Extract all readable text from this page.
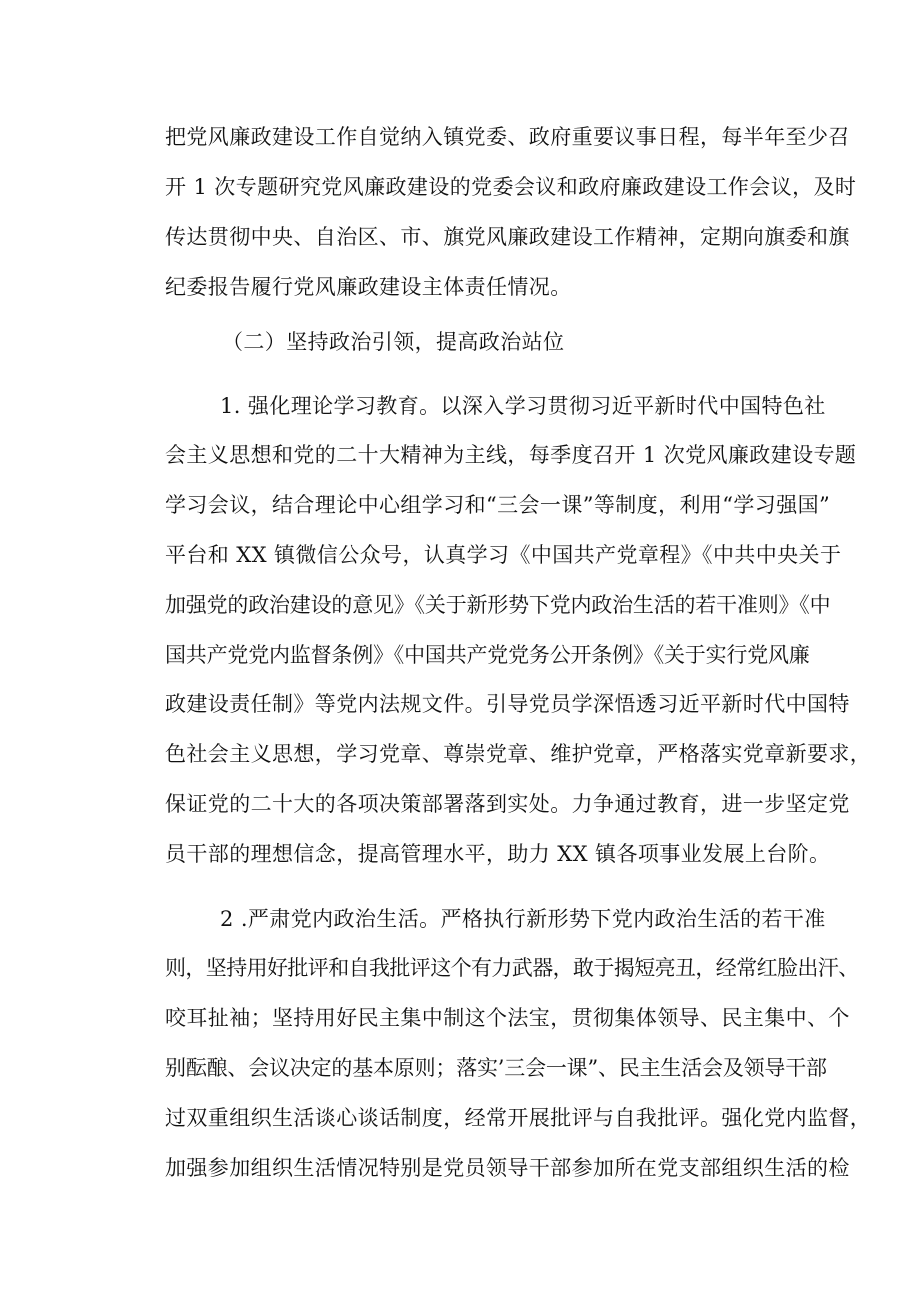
把党风廉政建设工作自觉纳入镇党委、政府重要议事日程，每半年至少召
开 1 次专题研究党风廉政建设的党委会议和政府廉政建设工作会议，及时
传达贯彻中央、自治区、市、旗党风廉政建设工作精神，定期向旗委和旗
纪委报告履行党风廉政建设主体责任情况。
（二）坚持政治引领，提高政治站位
1. 强化理论学习教育。以深入学习贯彻习近平新时代中国特色社
会主义思想和党的二十大精神为主线，每季度召开 1 次党风廉政建设专题
学习会议，结合理论中心组学习和“三会一课”等制度，利用“学习强国”
平台和 XX 镇微信公众号，认真学习《中国共产党章程》《中共中央关于
加强党的政治建设的意见》《关于新形势下党内政治生活的若干准则》《中
国共产党党内监督条例》《中国共产党党务公开条例》《关于实行党风廉
政建设责任制》等党内法规文件。引导党员学深悟透习近平新时代中国特
色社会主义思想，学习党章、尊崇党章、维护党章，严格落实党章新要求，
保证党的二十大的各项决策部署落到实处。力争通过教育，进一步坚定党
员干部的理想信念，提高管理水平，助力 XX 镇各项事业发展上台阶。
2 .严肃党内政治生活。严格执行新形势下党内政治生活的若干准
则，坚持用好批评和自我批评这个有力武器，敢于揭短亮丑，经常红脸出汗、
咬耳扯袖；坚持用好民主集中制这个法宝，贯彻集体领导、民主集中、个
别酝酿、会议决定的基本原则；落实’三会一课”、民主生活会及领导干部
过双重组织生活谈心谈话制度，经常开展批评与自我批评。强化党内监督，
加强参加组织生活情况特别是党员领导干部参加所在党支部组织生活的检
